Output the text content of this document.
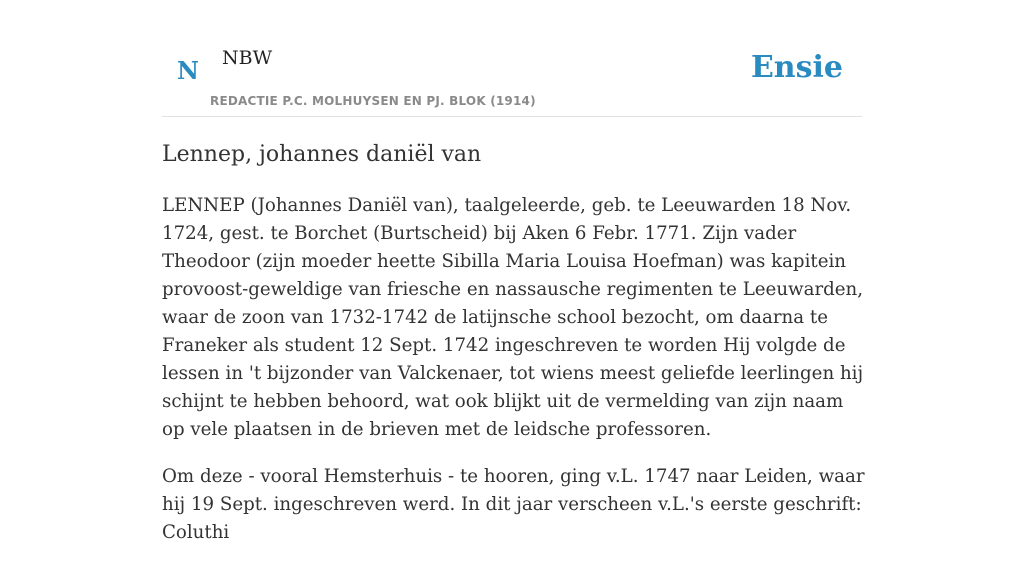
N NBW
REDACTIE P.C. MOLHUYSEN EN PJ. BLOK (1914)
Ensie
Lennep, johannes daniël van

LENNEP (Johannes Daniël van), taalgeleerde, geb. te Leeuwarden 18 Nov. 1724, gest. te Borchet (Burtscheid) bij Aken 6 Febr. 1771. Zijn vader Theodoor (zijn moeder heette Sibilla Maria Louisa Hoefman) was kapitein provoost-geweldige van friesche en nassausche regimenten te Leeuwarden, waar de zoon van 1732-1742 de latijnsche school bezocht, om daarna te Franeker als student 12 Sept. 1742 ingeschreven te worden Hij volgde de lessen in 't bijzonder van Valckenaer, tot wiens meest geliefde leerlingen hij schijnt te hebben behoord, wat ook blijkt uit de vermelding van zijn naam op vele plaatsen in de brieven met de leidsche professoren.

Om deze - vooral Hemsterhuis - te hooren, ging v.L. 1747 naar Leiden, waar hij 19 Sept. ingeschreven werd. In dit jaar verscheen v.L.'s eerste geschrift: Coluthi
